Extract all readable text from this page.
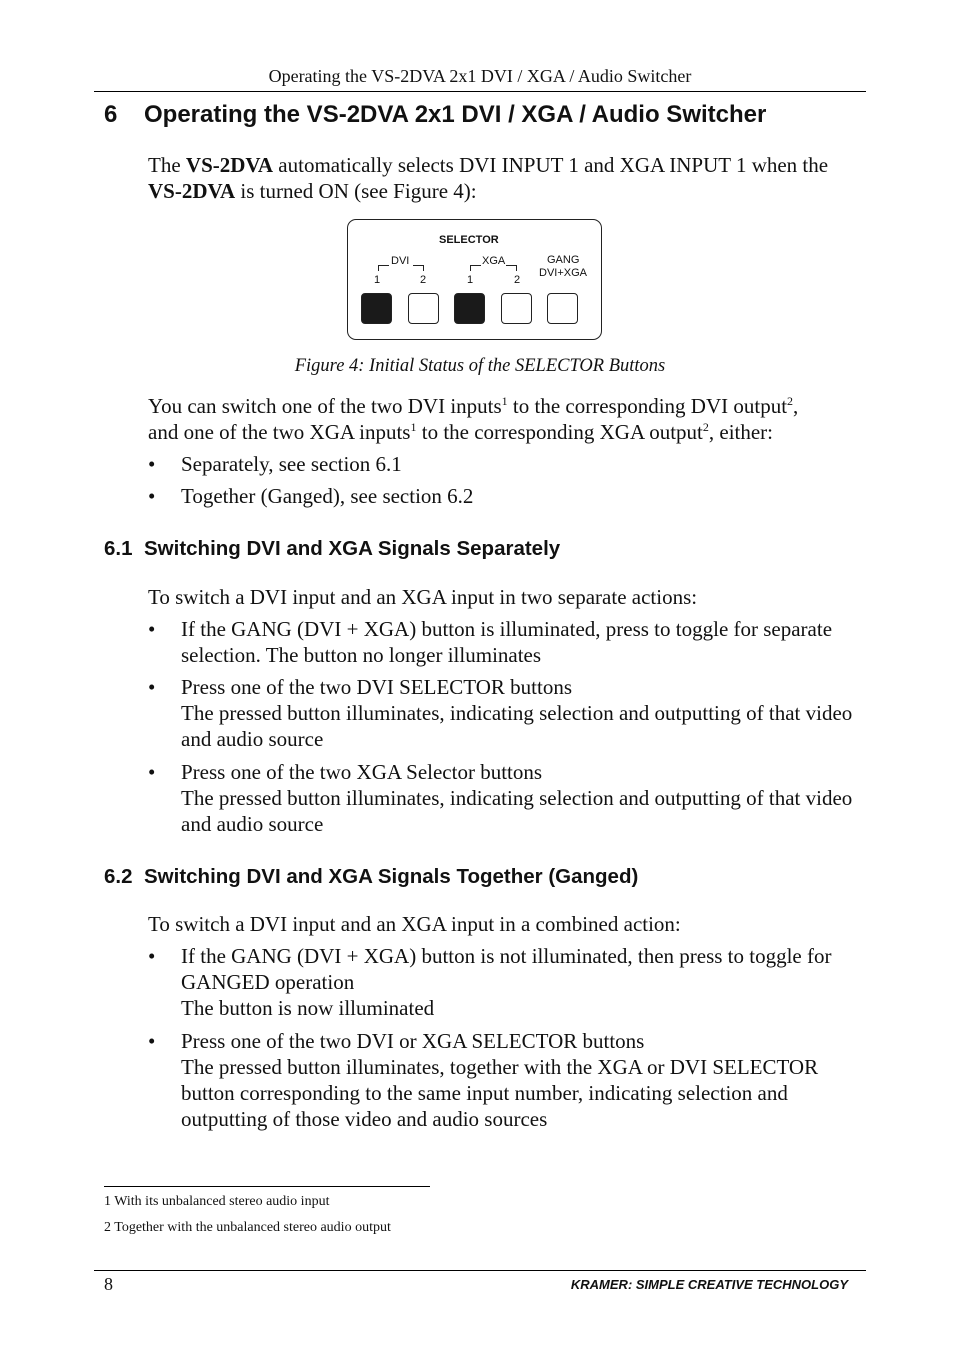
Operating the VS-2DVA 2x1 DVI / XGA / Audio Switcher
6 Operating the VS-2DVA 2x1 DVI / XGA / Audio Switcher
The VS-2DVA automatically selects DVI INPUT 1 and XGA INPUT 1 when the VS-2DVA is turned ON (see Figure 4):
SELECTOR
DVI
1	2
XGA
1	2
GANG
DVI+XGA
Figure 4: Initial Status of the SELECTOR Buttons
You can switch one of the two DVI inputs$^1$ to the corresponding DVI output$^2$,
and one of the two XGA inputs$^1$ to the corresponding XGA output$^2$, either:
•	Separately, see section 6.1
•	Together (Ganged), see section 6.2
6.1 Switching DVI and XGA Signals Separately
To switch a DVI input and an XGA input in two separate actions:
•	If the GANG (DVI + XGA) button is illuminated, press to toggle for separate selection. The button no longer illuminates
•	Press one of the two DVI SELECTOR buttons
The pressed button illuminates, indicating selection and outputting of that video and audio source
•	Press one of the two XGA Selector buttons
The pressed button illuminates, indicating selection and outputting of that video and audio source
6.2 Switching DVI and XGA Signals Together (Ganged)
To switch a DVI input and an XGA input in a combined action:
•	If the GANG (DVI + XGA) button is not illuminated, then press to toggle for GANGED operation
The button is now illuminated
•	Press one of the two DVI or XGA SELECTOR buttons
The pressed button illuminates, together with the XGA or DVI SELECTOR button corresponding to the same input number, indicating selection and outputting of those video and audio sources
1 With its unbalanced stereo audio input
2 Together with the unbalanced stereo audio output
8	KRAMER: SIMPLE CREATIVE TECHNOLOGY
